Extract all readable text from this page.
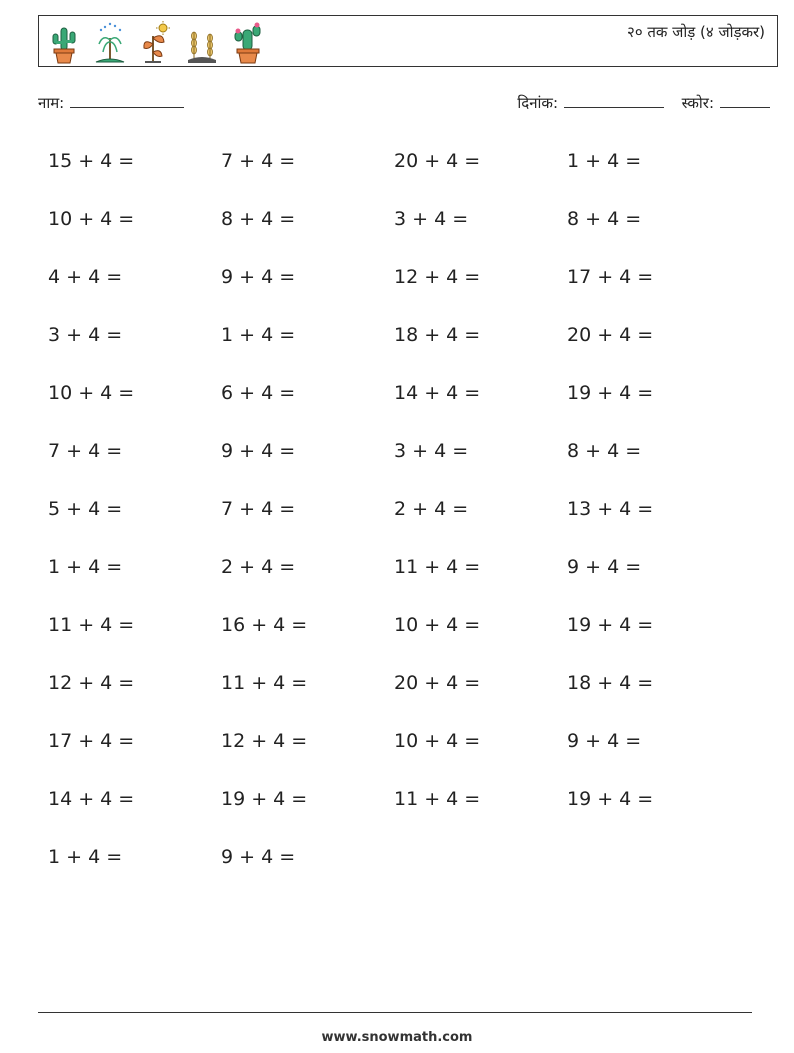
२० तक जोड़ (४ जोड़कर)
नाम:	दिनांक:	स्कोर:
15 + 4 =	7 + 4 =	20 + 4 =	1 + 4 =
10 + 4 =	8 + 4 =	3 + 4 =	8 + 4 =
4 + 4 =	9 + 4 =	12 + 4 =	17 + 4 =
3 + 4 =	1 + 4 =	18 + 4 =	20 + 4 =
10 + 4 =	6 + 4 =	14 + 4 =	19 + 4 =
7 + 4 =	9 + 4 =	3 + 4 =	8 + 4 =
5 + 4 =	7 + 4 =	2 + 4 =	13 + 4 =
1 + 4 =	2 + 4 =	11 + 4 =	9 + 4 =
11 + 4 =	16 + 4 =	10 + 4 =	19 + 4 =
12 + 4 =	11 + 4 =	20 + 4 =	18 + 4 =
17 + 4 =	12 + 4 =	10 + 4 =	9 + 4 =
14 + 4 =	19 + 4 =	11 + 4 =	19 + 4 =
1 + 4 =	9 + 4 =
www.snowmath.com
